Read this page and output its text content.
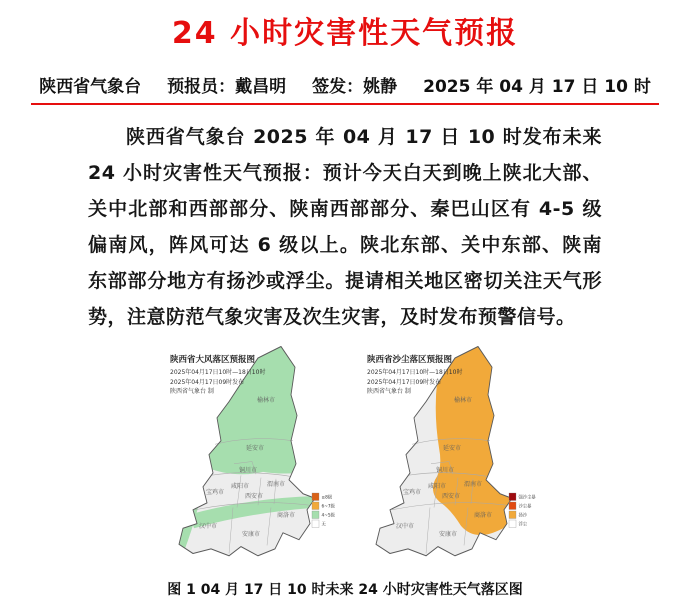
24 小时灾害性天气预报
陕西省气象台 预报员：戴昌明 签发：姚静 2025 年 04 月 17 日 10 时

陕西省气象台 2025 年 04 月 17 日 10 时发布未来 24 小时灾害性天气预报：预计今天白天到晚上陕北大部、关中北部和西部部分、陕南西部部分、秦巴山区有 4-5 级偏南风，阵风可达 6 级以上。陕北东部、关中东部、陕南东部部分地方有扬沙或浮尘。提请相关地区密切关注天气形势，注意防范气象灾害及次生灾害，及时发布预警信号。

陕西省大风落区预报图
2025年04月17日10时—18日10时
2025年04月17日09时发布
陕西省气象台 制
榆林市
延安市
铜川市
咸阳市	渭南市
宝鸡市
西安市
商洛市
汉中市
安康市
≥8级
6~7级
4~5级
无
陕西省沙尘落区预报图
2025年04月17日10时—18日10时
2025年04月17日09时发布
陕西省气象台 制
榆林市
延安市
铜川市
咸阳市	渭南市
宝鸡市
西安市
商洛市
汉中市
安康市
强沙尘暴
沙尘暴
扬沙
浮尘
图 1 04 月 17 日 10 时未来 24 小时灾害性天气落区图
